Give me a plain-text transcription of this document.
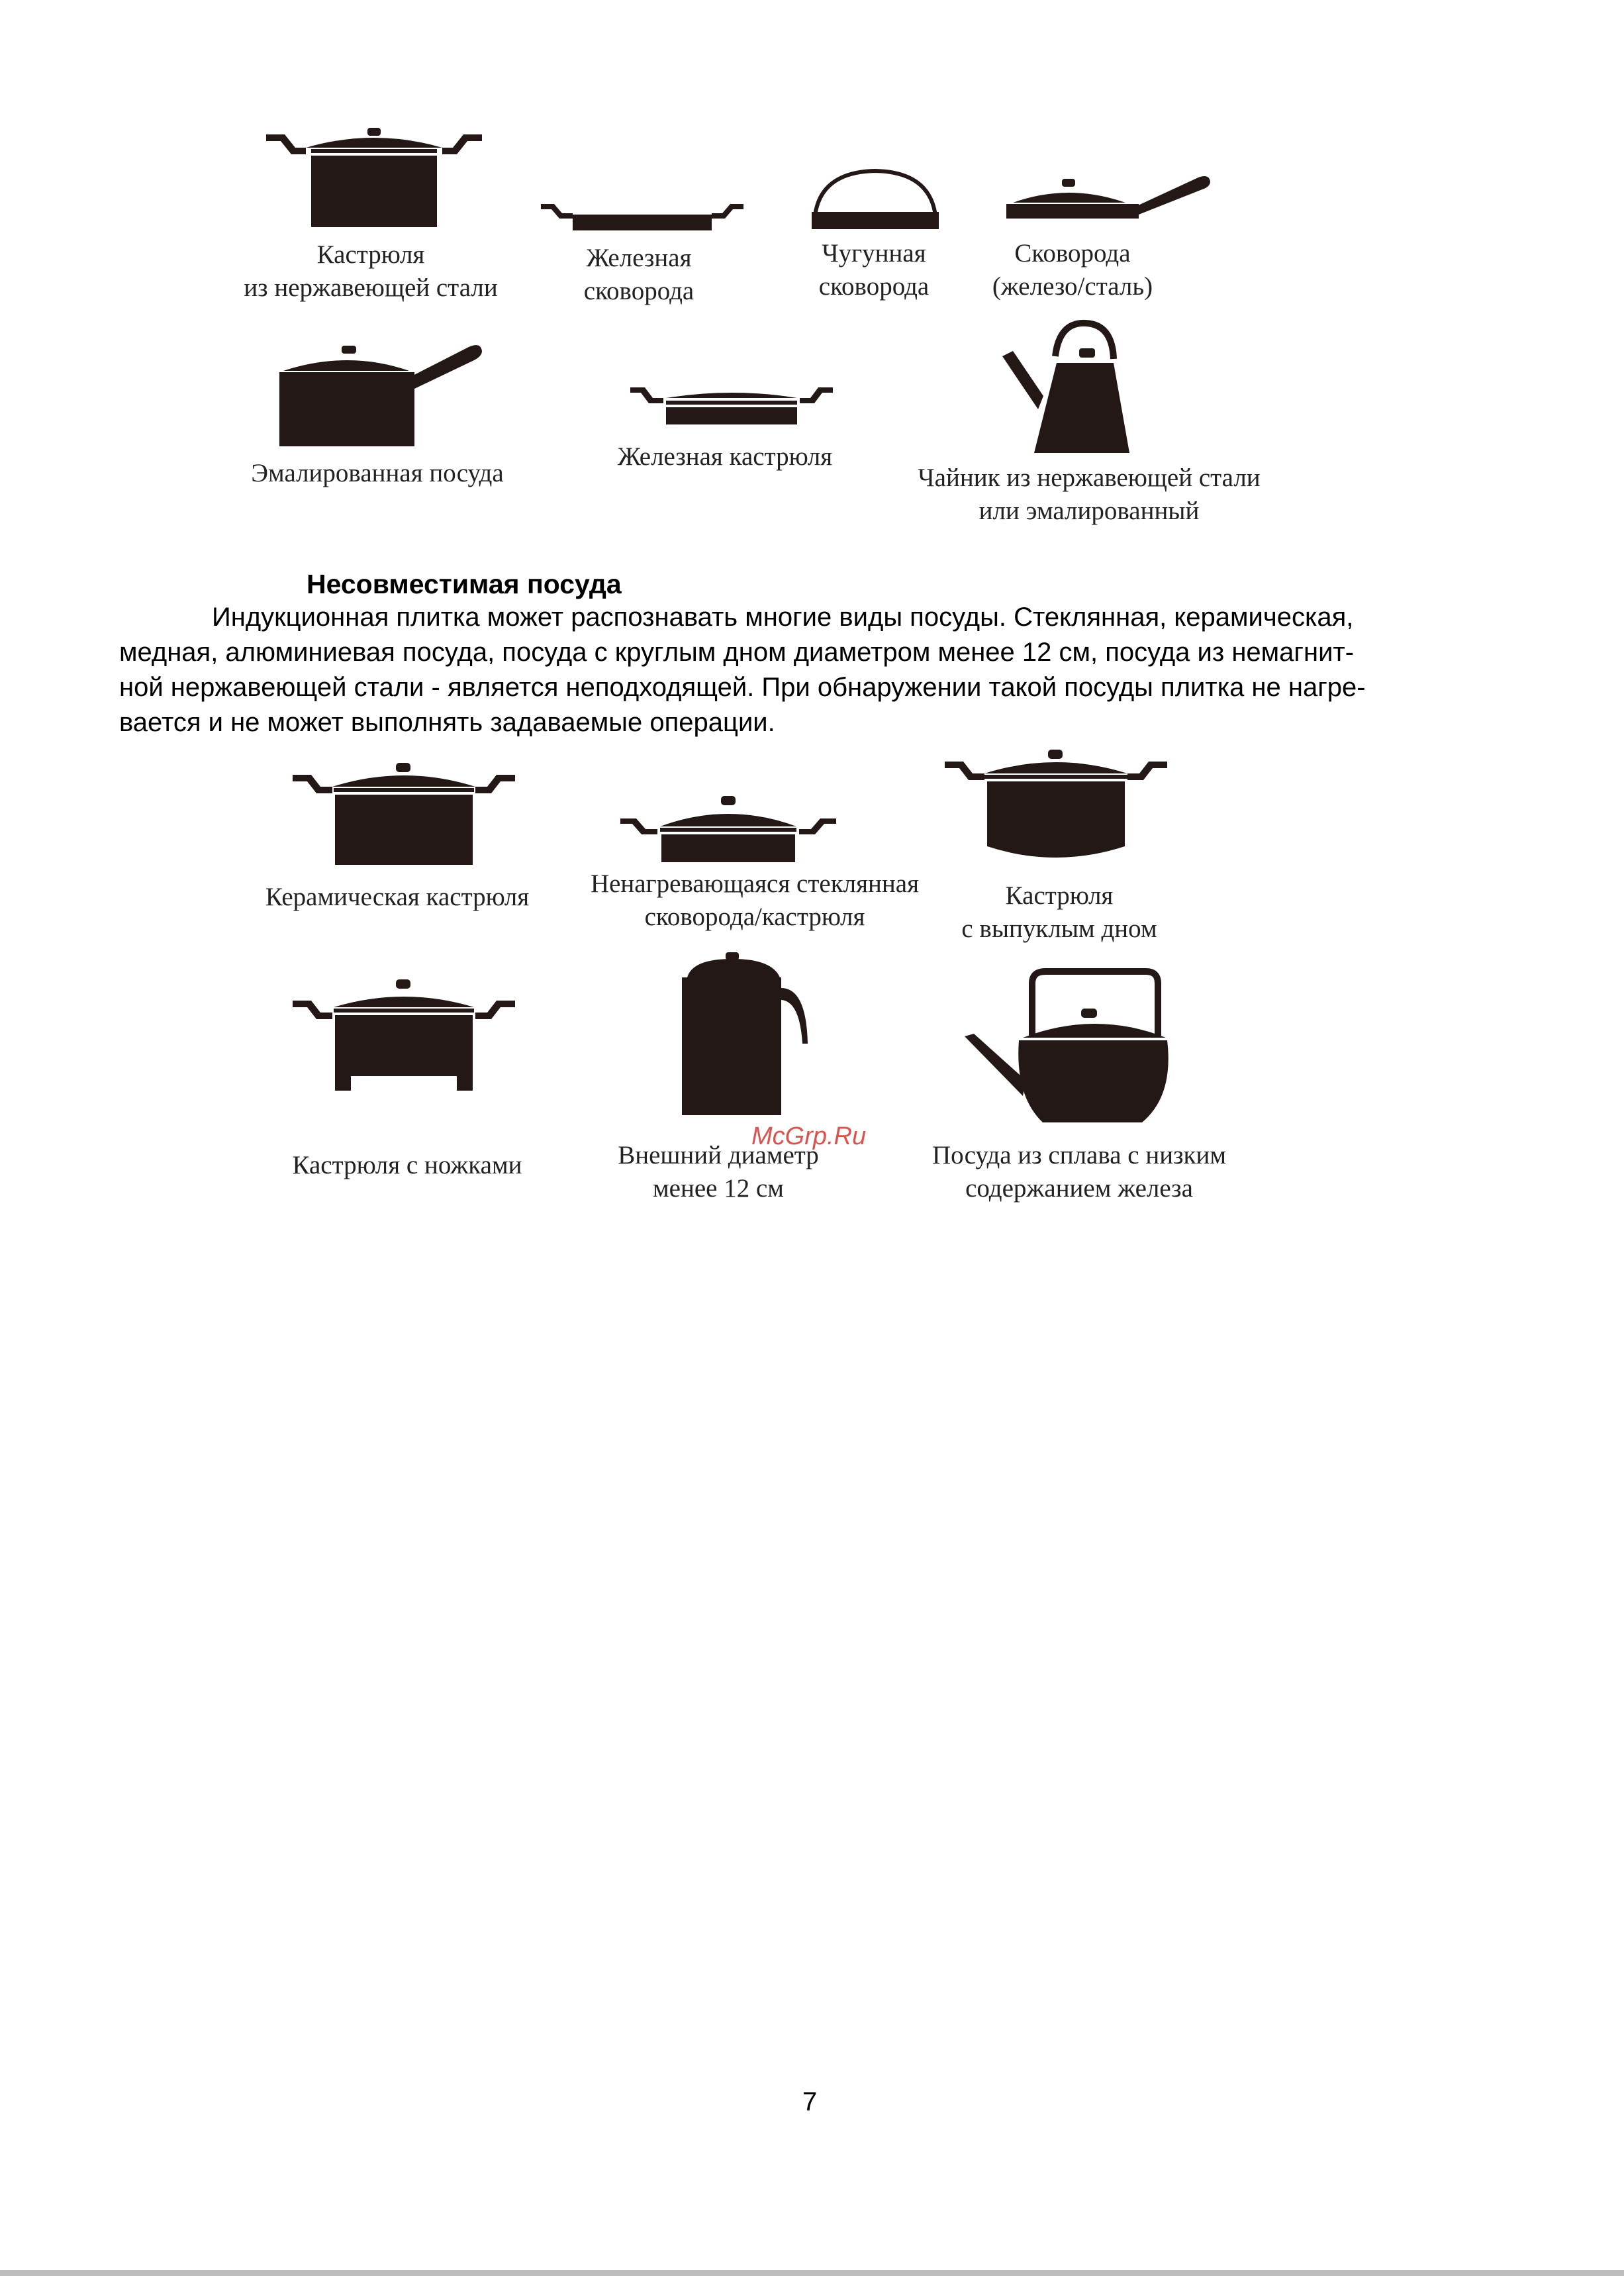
Кастрюля
из нержавеющей стали
Железная
сковорода
Чугунная
сковорода
Сковорода
(железо/сталь)
Эмалированная посуда
Железная кастрюля
Чайник из нержавеющей стали
или эмалированный
Несовместимая посуда
Индукционная плитка может распознавать многие виды посуды. Стеклянная, керамическая,
медная, алюминиевая посуда, посуда с круглым дном диаметром менее 12 см, посуда из немагнит-
ной нержавеющей стали - является неподходящей. При обнаружении такой посуды плитка не нагре-
вается и не может выполнять задаваемые операции.
Керамическая кастрюля	Ненагревающаяся стеклянная
сковорода/кастрюля
Кастрюля
с выпуклым дном
Кастрюля с ножками	Внешний диаметр
менее 12 см
Посуда из сплава с низким
содержанием железа
McGrp.Ru
7
